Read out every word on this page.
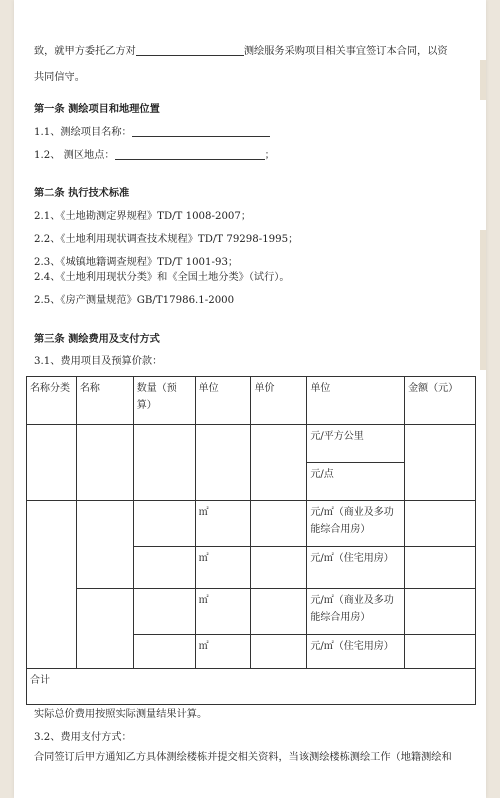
致，就甲方委托乙方对	测绘服务采购项目相关事宜签订本合同，以资
共同信守。
第一条 测绘项目和地理位置
1.1、测绘项目名称：
1.2、 测区地点：	；
第二条 执行技术标准
2.1、《土地勘测定界规程》TD/T 1008-2007；
2.2、《土地利用现状调查技术规程》TD/T 79298-1995；
2.3、《城镇地籍调查规程》TD/T 1001-93；
2.4、《土地利用现状分类》和《全国土地分类》（试行）。
2.5、《房产测量规范》GB/T17986.1-2000
第三条 测绘费用及支付方式
3.1、费用项目及预算价款：
实际总价费用按照实际测量结果计算。
3.2、费用支付方式：
合同签订后甲方通知乙方具体测绘楼栋并提交相关资料，当该测绘楼栋测绘工作（地籍测绘和
名称分类	名称	数量（预算）	单位	单价	单位	金额（元）
					元/平方公里	
					元/点	
			㎡		元/㎡（商业及多功能综合用房）	
			㎡		元/㎡（住宅用房）	
			㎡		元/㎡（商业及多功能综合用房）	
			㎡		元/㎡（住宅用房）	
合计						
